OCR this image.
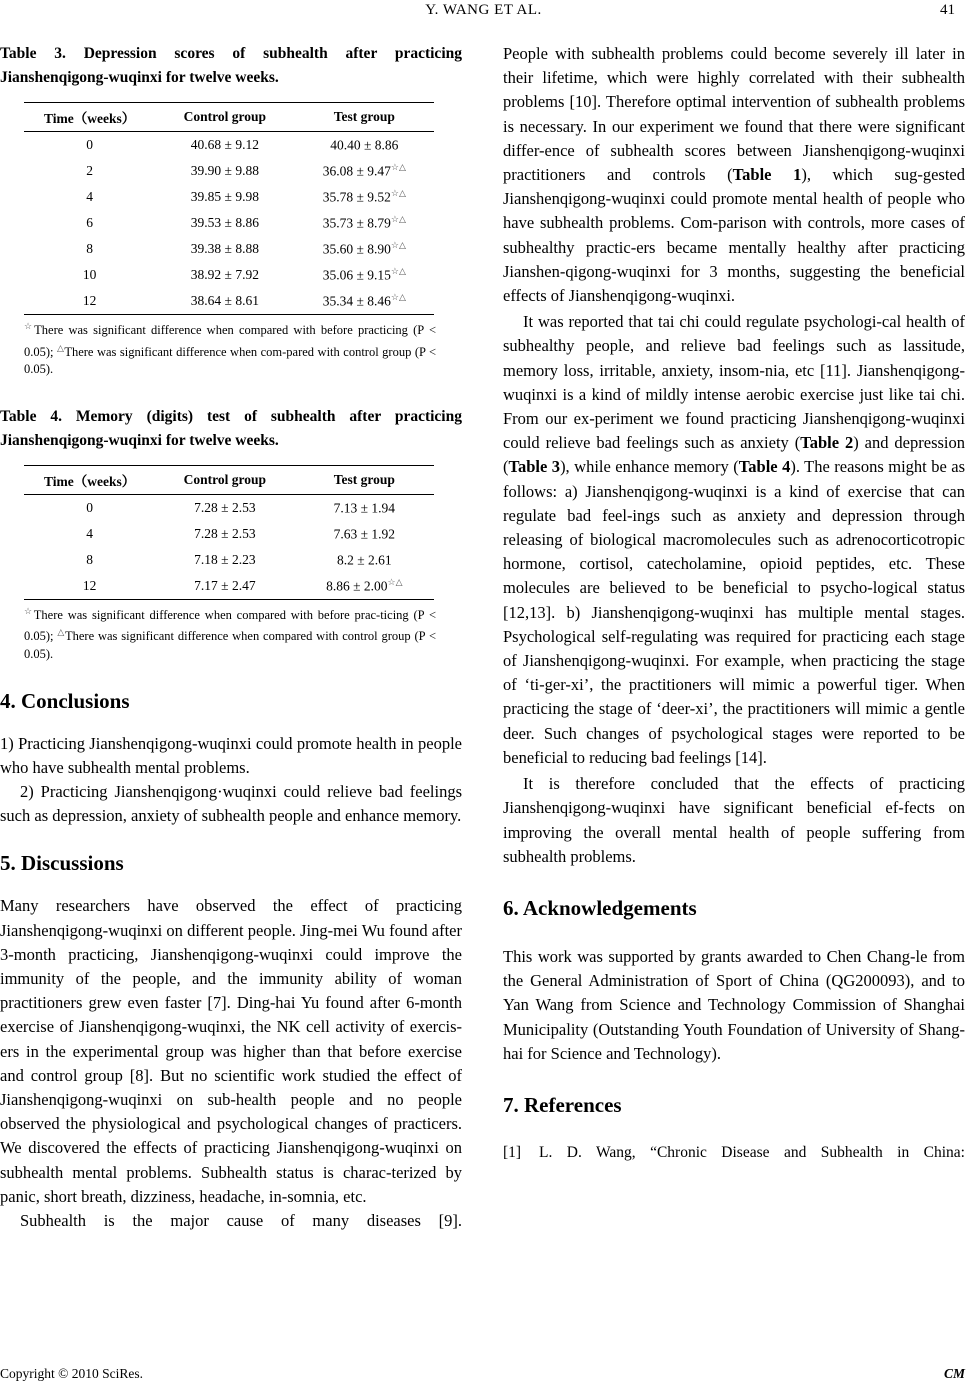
Y. WANG ET AL.	41
Table 3. Depression scores of subhealth after practicing Jianshenqigong-wuqinxi for twelve weeks.
Time（weeks）	Control group	Test group
0	40.68 ± 9.12	40.40 ± 8.86
2	39.90 ± 9.88	36.08 ± 9.47☆△
4	39.85 ± 9.98	35.78 ± 9.52☆△
6	39.53 ± 8.86	35.73 ± 8.79☆△
8	39.38 ± 8.88	35.60 ± 8.90☆△
10	38.92 ± 7.92	35.06 ± 9.15☆△
12	38.64 ± 8.61	35.34 ± 8.46☆△
☆There was significant difference when compared with before practicing (P < 0.05); △There was significant difference when com-pared with control group (P < 0.05).
Table 4. Memory (digits) test of subhealth after practicing Jianshenqigong-wuqinxi for twelve weeks.
Time（weeks）	Control group	Test group
0	7.28 ± 2.53	7.13 ± 1.94
4	7.28 ± 2.53	7.63 ± 1.92
8	7.18 ± 2.23	8.2 ± 2.61
12	7.17 ± 2.47	8.86 ± 2.00☆△
☆There was significant difference when compared with before prac-ticing (P < 0.05); △There was significant difference when compared with control group (P < 0.05).
4. Conclusions

1) Practicing Jianshenqigong-wuqinxi could promote health in people who have subhealth mental problems.

2) Practicing Jianshenqigong·wuqinxi could relieve bad feelings such as depression, anxiety of subhealth people and enhance memory.

5. Discussions

Many researchers have observed the effect of practicing Jianshenqigong-wuqinxi on different people. Jing-mei Wu found after 3-month practicing, Jianshenqigong-wuqinxi could improve the immunity of the people, and the immunity ability of woman practitioners grew even faster [7]. Ding-hai Yu found after 6-month exercise of Jianshenqigong-wuqinxi, the NK cell activity of exercis-ers in the experimental group was higher than that before exercise and control group [8]. But no scientific work studied the effect of Jianshenqigong-wuqinxi on sub-health people and no people observed the physiological and psychological changes of practicers. We discovered the effects of practicing Jianshenqigong-wuqinxi on subhealth mental problems. Subhealth status is charac-terized by panic, short breath, dizziness, headache, in-somnia, etc.

Subhealth is the major cause of many diseases [9].

People with subhealth problems could become severely ill later in their lifetime, which were highly correlated with their subhealth problems [10]. Therefore optimal intervention of subhealth problems is necessary. In our experiment we found that there were significant differ-ence of subhealth scores between Jianshenqigong-wuqinxi practitioners and controls (Table 1), which sug-gested Jianshenqigong-wuqinxi could promote mental health of people who have subhealth problems. Com-parison with controls, more cases of subhealthy practic-ers became mentally healthy after practicing Jianshen-qigong-wuqinxi for 3 months, suggesting the beneficial effects of Jianshenqigong-wuqinxi.

It was reported that tai chi could regulate psychologi-cal health of subhealthy people, and relieve bad feelings such as lassitude, memory loss, irritable, anxiety, insom-nia, etc [11]. Jianshenqigong-wuqinxi is a kind of mildly intense aerobic exercise just like tai chi. From our ex-periment we found practicing Jianshenqigong-wuqinxi could relieve bad feelings such as anxiety (Table 2) and depression (Table 3), while enhance memory (Table 4). The reasons might be as follows: a) Jianshenqigong-wuqinxi is a kind of exercise that can regulate bad feel-ings such as anxiety and depression through releasing of biological macromolecules such as adrenocorticotropic hormone, cortisol, catecholamine, opioid peptides, etc. These molecules are believed to be beneficial to psycho-logical status [12,13]. b) Jianshenqigong-wuqinxi has multiple mental stages. Psychological self-regulating was required for practicing each stage of Jianshenqigong-wuqinxi. For example, when practicing the stage of ‘ti-ger-xi’, the practitioners will mimic a powerful tiger. When practicing the stage of ‘deer-xi’, the practitioners will mimic a gentle deer. Such changes of psychological stages were reported to be beneficial to reducing bad feelings [14].

It is therefore concluded that the effects of practicing Jianshenqigong-wuqinxi have significant beneficial ef-fects on improving the overall mental health of people suffering from subhealth problems.

6. Acknowledgements

This work was supported by grants awarded to Chen Chang-le from the General Administration of Sport of China (QG200093), and to Yan Wang from Science and Technology Commission of Shanghai Municipality (Outstanding Youth Foundation of University of Shang-hai for Science and Technology).

7. References
[1]	L. D. Wang, “Chronic Disease and Subhealth in China:
Copyright © 2010 SciRes.	CM
